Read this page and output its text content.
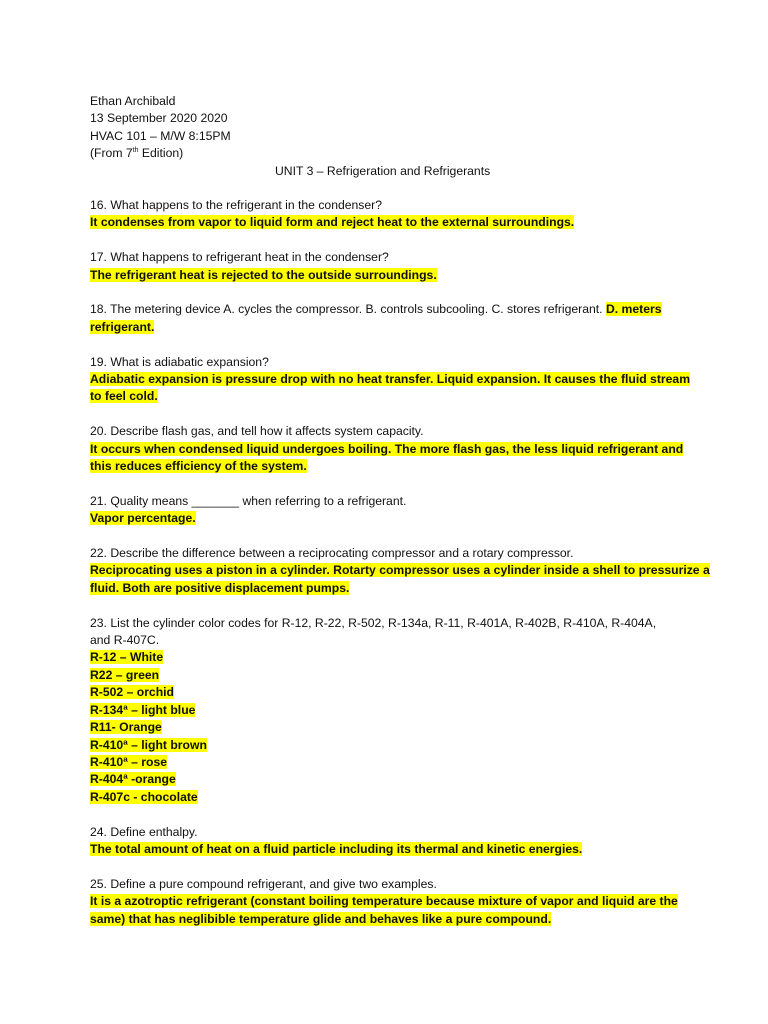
Ethan Archibald

13 September 2020 2020

HVAC 101 – M/W 8:15PM

(From 7th Edition)

UNIT 3 – Refrigeration and Refrigerants

16. What happens to the refrigerant in the condenser?

It condenses from vapor to liquid form and reject heat to the external surroundings.

17. What happens to refrigerant heat in the condenser?

The refrigerant heat is rejected to the outside surroundings.

18. The metering device A. cycles the compressor. B. controls subcooling. C. stores refrigerant. D. meters

refrigerant.

19. What is adiabatic expansion?

Adiabatic expansion is pressure drop with no heat transfer. Liquid expansion. It causes the fluid stream

to feel cold.

20. Describe flash gas, and tell how it affects system capacity.

It occurs when condensed liquid undergoes boiling. The more flash gas, the less liquid refrigerant and

this reduces efficiency of the system.

21. Quality means _______ when referring to a refrigerant.

Vapor percentage.

22. Describe the difference between a reciprocating compressor and a rotary compressor.

Reciprocating uses a piston in a cylinder. Rotarty compressor uses a cylinder inside a shell to pressurize a

fluid. Both are positive displacement pumps.

23. List the cylinder color codes for R-12, R-22, R-502, R-134a, R-11, R-401A, R-402B, R-410A, R-404A,

and R-407C.

R-12 – White
R22 – green
R-502 – orchid
R-134ª – light blue
R11- Orange
R-410ª – light brown
R-410ª – rose
R-404ª -orange
R-407c - chocolate

24. Define enthalpy.

The total amount of heat on a fluid particle including its thermal and kinetic energies.

25. Define a pure compound refrigerant, and give two examples.

It is a azotroptic refrigerant (constant boiling temperature because mixture of vapor and liquid are the

same) that has neglibible temperature glide and behaves like a pure compound.
